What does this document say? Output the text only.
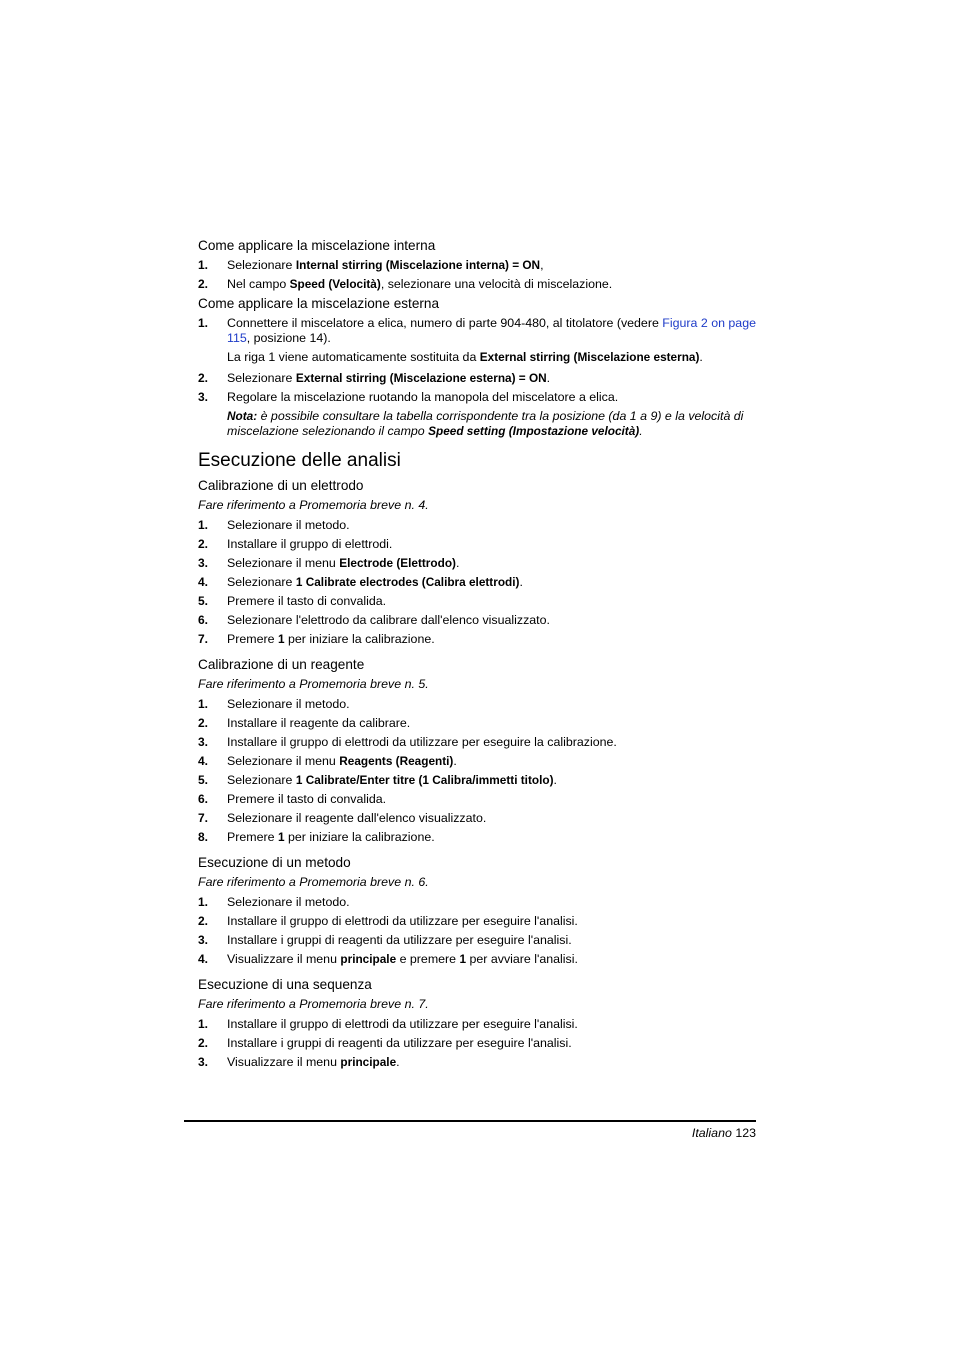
Come applicare la miscelazione interna
1. Selezionare Internal stirring (Miscelazione interna) = ON,
2. Nel campo Speed (Velocità), selezionare una velocità di miscelazione.
Come applicare la miscelazione esterna
1. Connettere il miscelatore a elica, numero di parte 904-480, al titolatore (vedere Figura 2 on page 115, posizione 14).
La riga 1 viene automaticamente sostituita da External stirring (Miscelazione esterna).
2. Selezionare External stirring (Miscelazione esterna) = ON.
3. Regolare la miscelazione ruotando la manopola del miscelatore a elica.
Nota: è possibile consultare la tabella corrispondente tra la posizione (da 1 a 9) e la velocità di miscelazione selezionando il campo Speed setting (Impostazione velocità).
Esecuzione delle analisi
Calibrazione di un elettrodo
Fare riferimento a Promemoria breve n. 4.
1. Selezionare il metodo.
2. Installare il gruppo di elettrodi.
3. Selezionare il menu Electrode (Elettrodo).
4. Selezionare 1 Calibrate electrodes (Calibra elettrodi).
5. Premere il tasto di convalida.
6. Selezionare l'elettrodo da calibrare dall'elenco visualizzato.
7. Premere 1 per iniziare la calibrazione.
Calibrazione di un reagente
Fare riferimento a Promemoria breve n. 5.
1. Selezionare il metodo.
2. Installare il reagente da calibrare.
3. Installare il gruppo di elettrodi da utilizzare per eseguire la calibrazione.
4. Selezionare il menu Reagents (Reagenti).
5. Selezionare 1 Calibrate/Enter titre (1 Calibra/immetti titolo).
6. Premere il tasto di convalida.
7. Selezionare il reagente dall'elenco visualizzato.
8. Premere 1 per iniziare la calibrazione.
Esecuzione di un metodo
Fare riferimento a Promemoria breve n. 6.
1. Selezionare il metodo.
2. Installare il gruppo di elettrodi da utilizzare per eseguire l'analisi.
3. Installare i gruppi di reagenti da utilizzare per eseguire l'analisi.
4. Visualizzare il menu principale e premere 1 per avviare l'analisi.
Esecuzione di una sequenza
Fare riferimento a Promemoria breve n. 7.
1. Installare il gruppo di elettrodi da utilizzare per eseguire l'analisi.
2. Installare i gruppi di reagenti da utilizzare per eseguire l'analisi.
3. Visualizzare il menu principale.
Italiano 123
